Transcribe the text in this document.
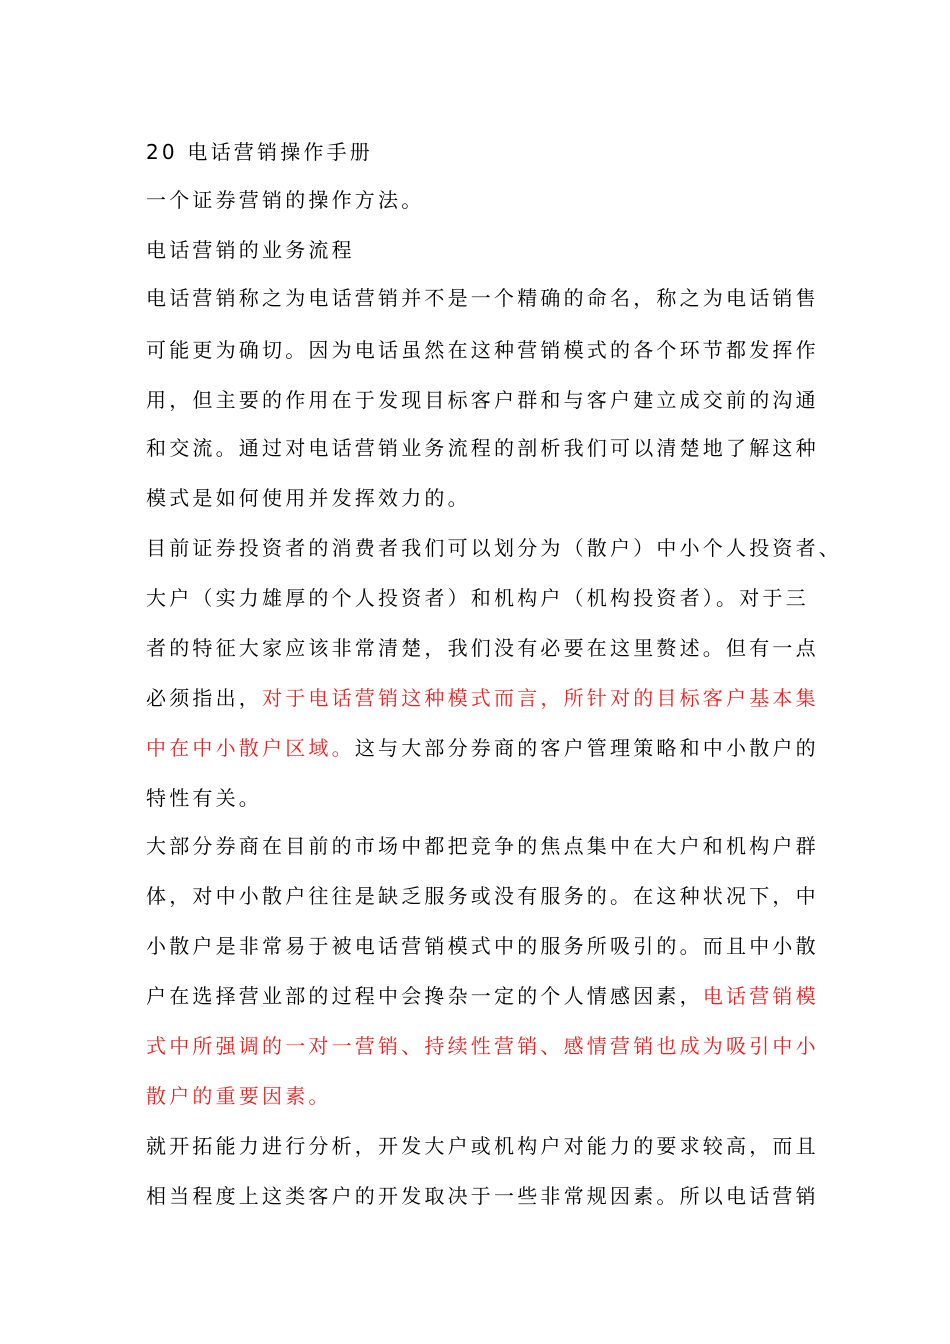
20 电话营销操作手册
一个证券营销的操作方法。
电话营销的业务流程
电话营销称之为电话营销并不是一个精确的命名，称之为电话销售
可能更为确切。因为电话虽然在这种营销模式的各个环节都发挥作
用，但主要的作用在于发现目标客户群和与客户建立成交前的沟通
和交流。通过对电话营销业务流程的剖析我们可以清楚地了解这种
模式是如何使用并发挥效力的。
目前证券投资者的消费者我们可以划分为（散户）中小个人投资者、
大户（实力雄厚的个人投资者）和机构户（机构投资者）。对于三
者的特征大家应该非常清楚，我们没有必要在这里赘述。但有一点
必须指出，对于电话营销这种模式而言，所针对的目标客户基本集
中在中小散户区域。这与大部分券商的客户管理策略和中小散户的
特性有关。
大部分券商在目前的市场中都把竞争的焦点集中在大户和机构户群
体，对中小散户往往是缺乏服务或没有服务的。在这种状况下，中
小散户是非常易于被电话营销模式中的服务所吸引的。而且中小散
户在选择营业部的过程中会搀杂一定的个人情感因素，电话营销模
式中所强调的一对一营销、持续性营销、感情营销也成为吸引中小
散户的重要因素。
就开拓能力进行分析，开发大户或机构户对能力的要求较高，而且
相当程度上这类客户的开发取决于一些非常规因素。所以电话营销
